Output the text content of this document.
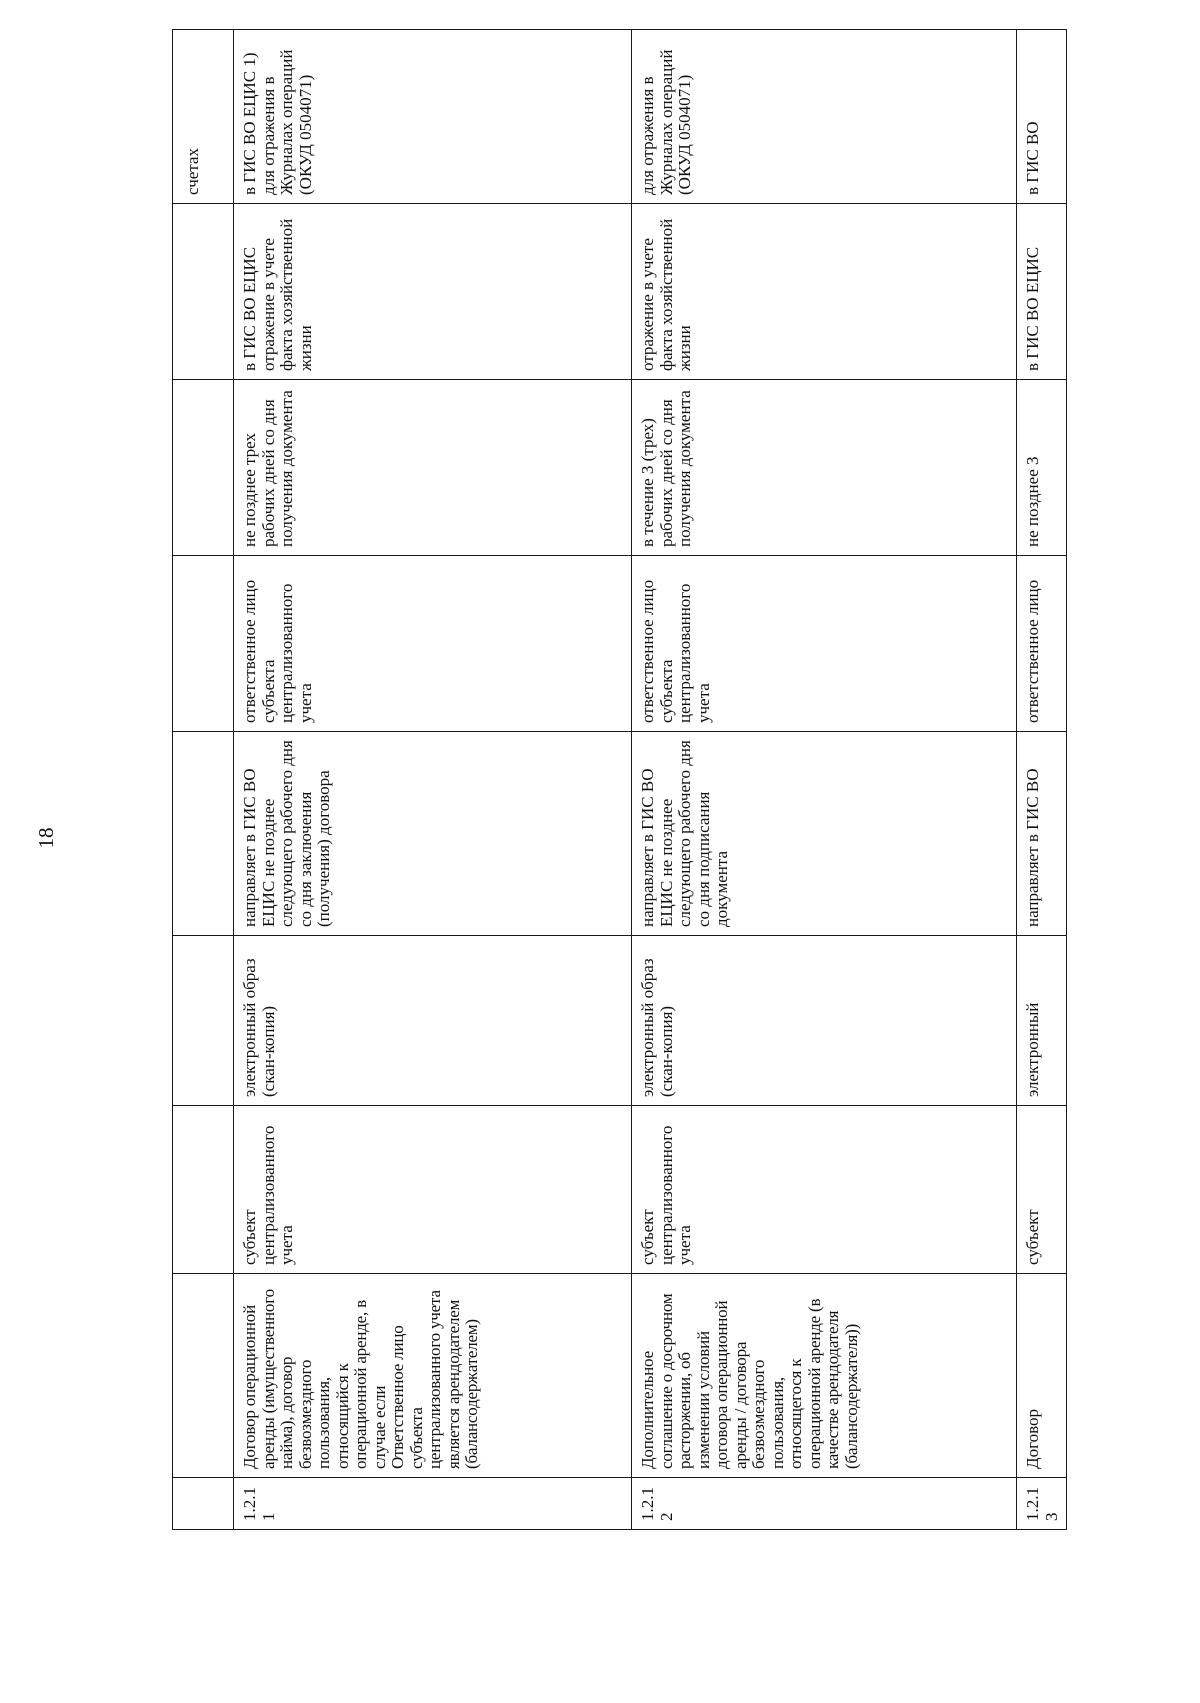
18
								счетах
1.2.11	Договор операционной аренды (имущественного найма), договор безвозмездного пользования, относящийся к операционной аренде, в случае если Ответственное лицо субъекта централизованного учета является арендодателем (балансодержателем)	субъект централизованного учета	электронный образ (скан-копия)	направляет в ГИС ВО ЕЦИС не позднее следующего рабочего дня со дня заключения (получения) договора	ответственное лицо субъекта централизованного учета	не позднее трех рабочих дней со дня получения документа	в ГИС ВО ЕЦИС отражение в учете факта хозяйственной жизни	в ГИС ВО ЕЦИС 1) для отражения в Журналах операций (ОКУД 0504071)
1.2.12	Дополнительное соглашение о досрочном расторжении, об изменении условий договора операционной аренды / договора безвозмездного пользования, относящегося к операционной аренде (в качестве арендодателя (балансодержателя))	субъект централизованного учета	электронный образ (скан-копия)	направляет в ГИС ВО ЕЦИС не позднее следующего рабочего дня со дня подписания документа	ответственное лицо субъекта централизованного учета	в течение 3 (трех) рабочих дней со дня получения документа	отражение в учете факта хозяйственной жизни	для отражения в Журналах операций (ОКУД 0504071)
1.2.13	Договор	субъект	электронный	направляет в ГИС ВО	ответственное лицо	не позднее 3	в ГИС ВО ЕЦИС	в ГИС ВО
